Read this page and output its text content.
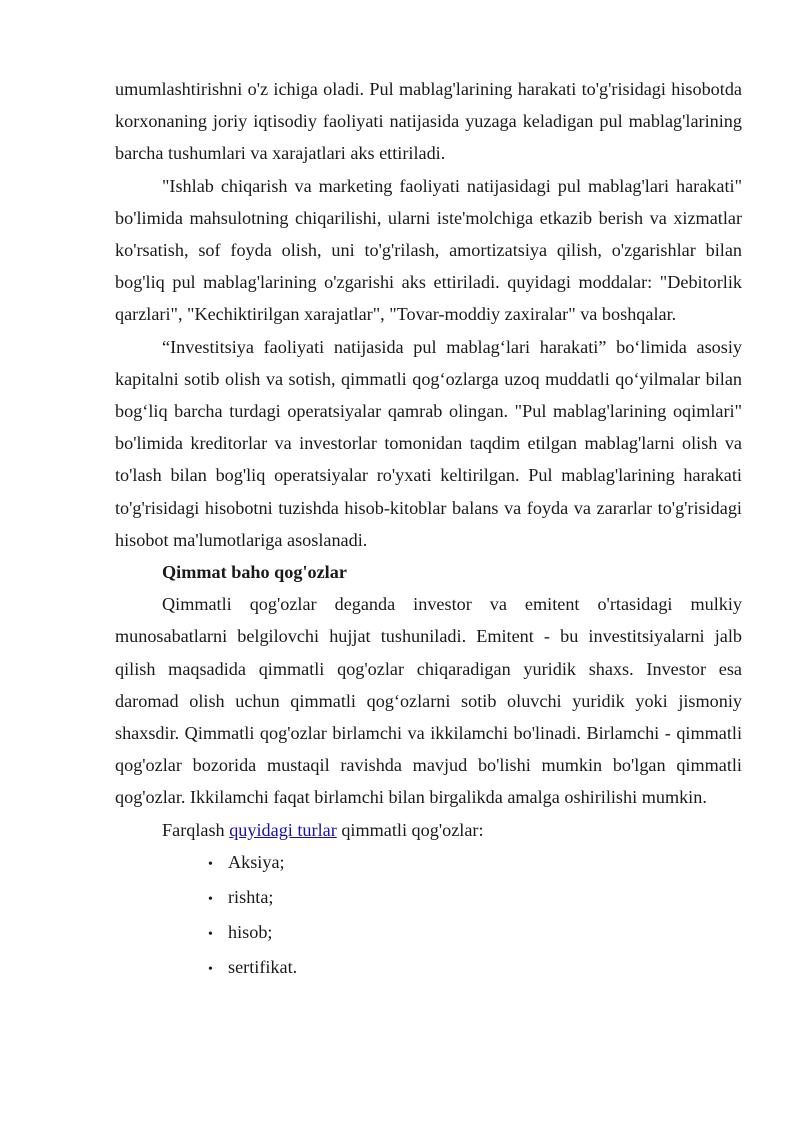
umumlashtirishni o'z ichiga oladi. Pul mablag'larining harakati to'g'risidagi hisobotda korxonaning joriy iqtisodiy faoliyati natijasida yuzaga keladigan pul mablag'larining barcha tushumlari va xarajatlari aks ettiriladi.

"Ishlab chiqarish va marketing faoliyati natijasidagi pul mablag'lari harakati" bo'limida mahsulotning chiqarilishi, ularni iste'molchiga etkazib berish va xizmatlar ko'rsatish, sof foyda olish, uni to'g'rilash, amortizatsiya qilish, o'zgarishlar bilan bog'liq pul mablag'larining o'zgarishi aks ettiriladi. quyidagi moddalar: "Debitorlik qarzlari", "Kechiktirilgan xarajatlar", "Tovar-moddiy zaxiralar" va boshqalar.

“Investitsiya faoliyati natijasida pul mablag‘lari harakati” bo‘limida asosiy kapitalni sotib olish va sotish, qimmatli qog‘ozlarga uzoq muddatli qo‘yilmalar bilan bog‘liq barcha turdagi operatsiyalar qamrab olingan. "Pul mablag'larining oqimlari" bo'limida kreditorlar va investorlar tomonidan taqdim etilgan mablag'larni olish va to'lash bilan bog'liq operatsiyalar ro'yxati keltirilgan. Pul mablag'larining harakati to'g'risidagi hisobotni tuzishda hisob-kitoblar balans va foyda va zararlar to'g'risidagi hisobot ma'lumotlariga asoslanadi.

Qimmat baho qog'ozlar

Qimmatli qog'ozlar deganda investor va emitent o'rtasidagi mulkiy munosabatlarni belgilovchi hujjat tushuniladi. Emitent - bu investitsiyalarni jalb qilish maqsadida qimmatli qog'ozlar chiqaradigan yuridik shaxs. Investor esa daromad olish uchun qimmatli qog‘ozlarni sotib oluvchi yuridik yoki jismoniy shaxsdir. Qimmatli qog'ozlar birlamchi va ikkilamchi bo'linadi. Birlamchi - qimmatli qog'ozlar bozorida mustaqil ravishda mavjud bo'lishi mumkin bo'lgan qimmatli qog'ozlar. Ikkilamchi faqat birlamchi bilan birgalikda amalga oshirilishi mumkin.

Farqlash quyidagi turlar qimmatli qog'ozlar:

• Aksiya;
• rishta;
• hisob;
• sertifikat.
